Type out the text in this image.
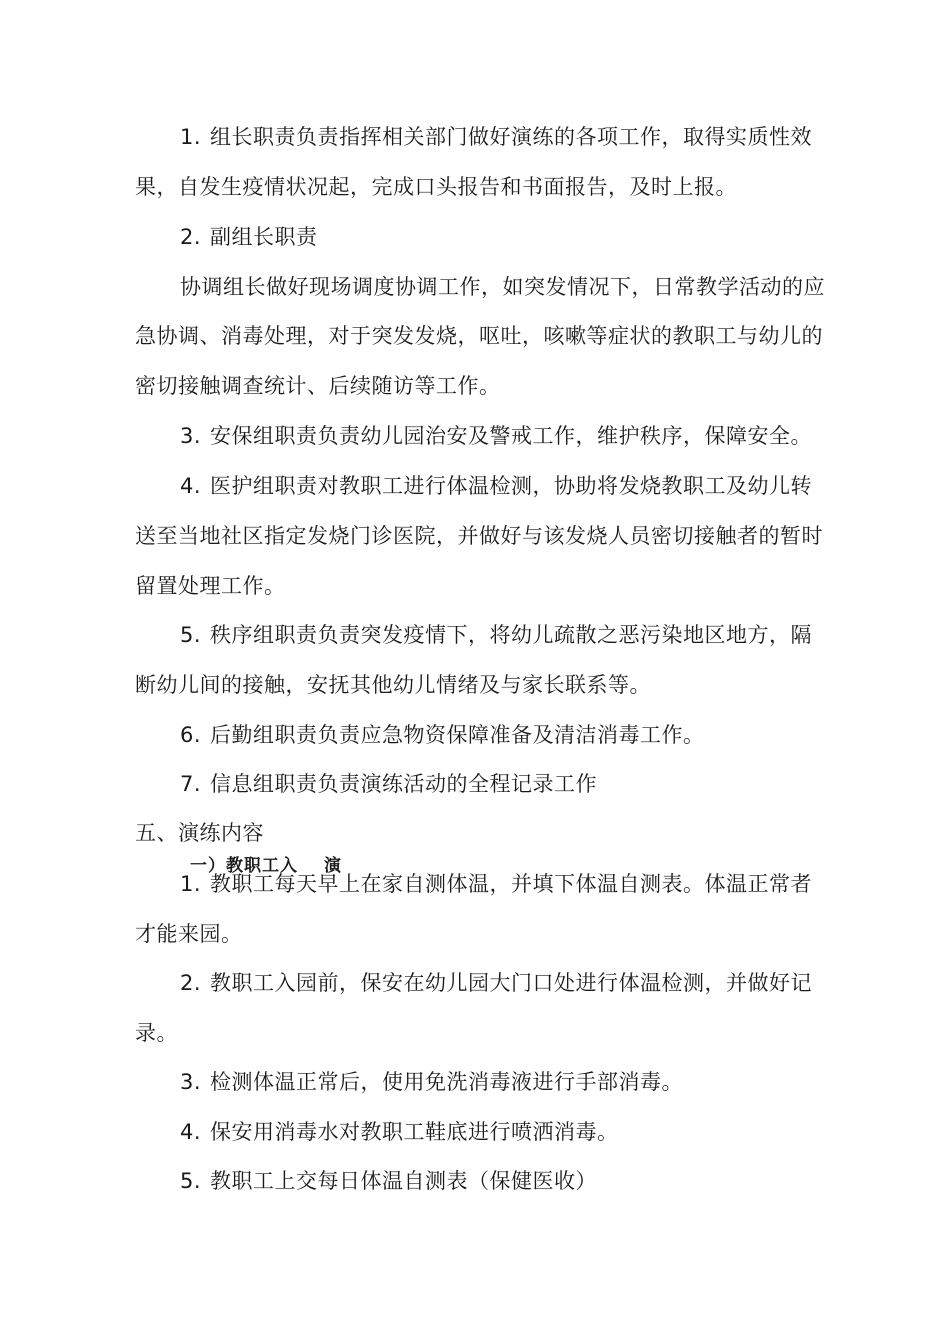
1. 组长职责负责指挥相关部门做好演练的各项工作，取得实质性效
果，自发生疫情状况起，完成口头报告和书面报告，及时上报。
2. 副组长职责
协调组长做好现场调度协调工作，如突发情况下，日常教学活动的应
急协调、消毒处理，对于突发发烧，呕吐，咳嗽等症状的教职工与幼儿的
密切接触调查统计、后续随访等工作。
3. 安保组职责负责幼儿园治安及警戒工作，维护秩序，保障安全。
4. 医护组职责对教职工进行体温检测，协助将发烧教职工及幼儿转
送至当地社区指定发烧门诊医院，并做好与该发烧人员密切接触者的暂时
留置处理工作。
5. 秩序组职责负责突发疫情下，将幼儿疏散之恶污染地区地方，隔
断幼儿间的接触，安抚其他幼儿情绪及与家长联系等。
6. 后勤组职责负责应急物资保障准备及清洁消毒工作。
7. 信息组职责负责演练活动的全程记录工作
五、演练内容
一）教职工入 演
1. 教职工每天早上在家自测体温，并填下体温自测表。体温正常者
才能来园。
2. 教职工入园前，保安在幼儿园大门口处进行体温检测，并做好记
录。
3. 检测体温正常后，使用免洗消毒液进行手部消毒。
4. 保安用消毒水对教职工鞋底进行喷洒消毒。
5. 教职工上交每日体温自测表（保健医收）
